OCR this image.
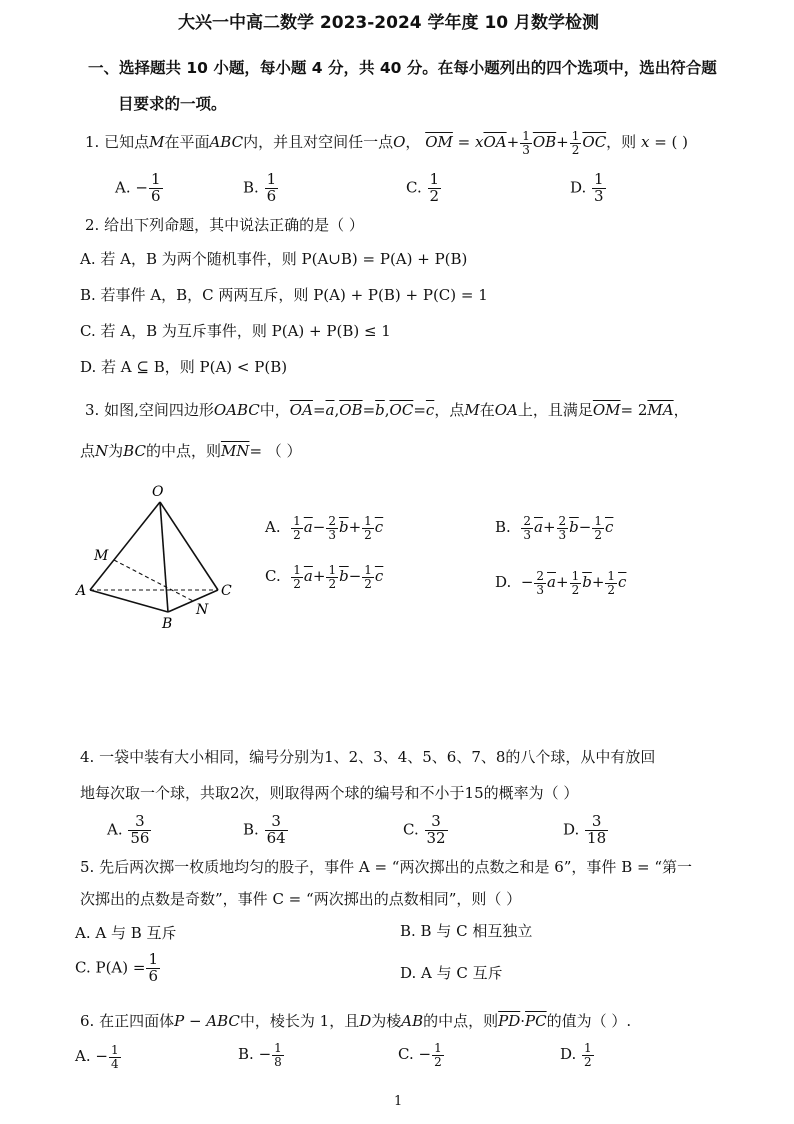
大兴一中高二数学 2023-2024 学年度 10 月数学检测
一、选择题共 10 小题，每小题 4 分，共 40 分。在每小题列出的四个选项中，选出符合题
目要求的一项。
1. 已知点M在平面ABC内，并且对空间任一点O， $\overline{OM} = x\overline{OA}+ \frac{1}{3} \overline{OB}+ \frac{1}{2} \overline{OC}$，则 x = ( )
A. − $\frac{1}{6}$	B. $\frac{1}{6}$	C. $\frac{1}{2}$	D. $\frac{1}{3}$
2. 给出下列命题，其中说法正确的是（ ）
A. 若 A，B 为两个随机事件，则 P(A∪B) = P(A) + P(B)
B. 若事件 A，B，C 两两互斥，则 P(A) + P(B) + P(C) = 1
C. 若 A，B 为互斥事件，则 P(A) + P(B) ≤ 1
D. 若 A ⊆ B，则 P(A) < P(B)
3. 如图,空间四边形OABC中，$\overline{OA}=\overline{a},\overline{OB}=\overline{b},\overline{OC}=\overline{c}$，点M在OA上，且满足$\overline{OM}= 2\overline{MA}$，
点N为BC的中点，则$\overline{MN}=$ （ ）
O
M
A	C
N
B
A. $\frac{1}{2} \overline{a}- \frac{2}{3} \overline{b}+ \frac{1}{2} \overline{c}$	B. $\frac{2}{3} \overline{a}+ \frac{2}{3} \overline{b}- \frac{1}{2} \overline{c}$
C. $\frac{1}{2} \overline{a}+ \frac{1}{2} \overline{b}- \frac{1}{2} \overline{c}$	D. − $\frac{2}{3} \overline{a}+ \frac{1}{2} \overline{b}+ \frac{1}{2} \overline{c}$
4. 一袋中装有大小相同，编号分别为1、2、3、4、5、6、7、8的八个球，从中有放回
地每次取一个球，共取2次，则取得两个球的编号和不小于15的概率为（ ）
A. $\frac{3}{56}$	B. $\frac{3}{64}$	C. $\frac{3}{32}$	D. $\frac{3}{18}$
5. 先后两次掷一枚质地均匀的股子，事件 A = “两次掷出的点数之和是 6”，事件 B = “第一
次掷出的点数是奇数”，事件 C = “两次掷出的点数相同”，则（ ）
A. A 与 B 互斥	B. B 与 C 相互独立
C. $P(A) = \frac{1}{6}$	D. A 与 C 互斥
6. 在正四面体P − ABC中，棱长为 1，且D为棱AB的中点，则$\overline{PD}\cdot\overline{PC}$的值为（ ）.
A. − $\frac{1}{4}$	B. − $\frac{1}{8}$	C. − $\frac{1}{2}$	D. $\frac{1}{2}$
1
